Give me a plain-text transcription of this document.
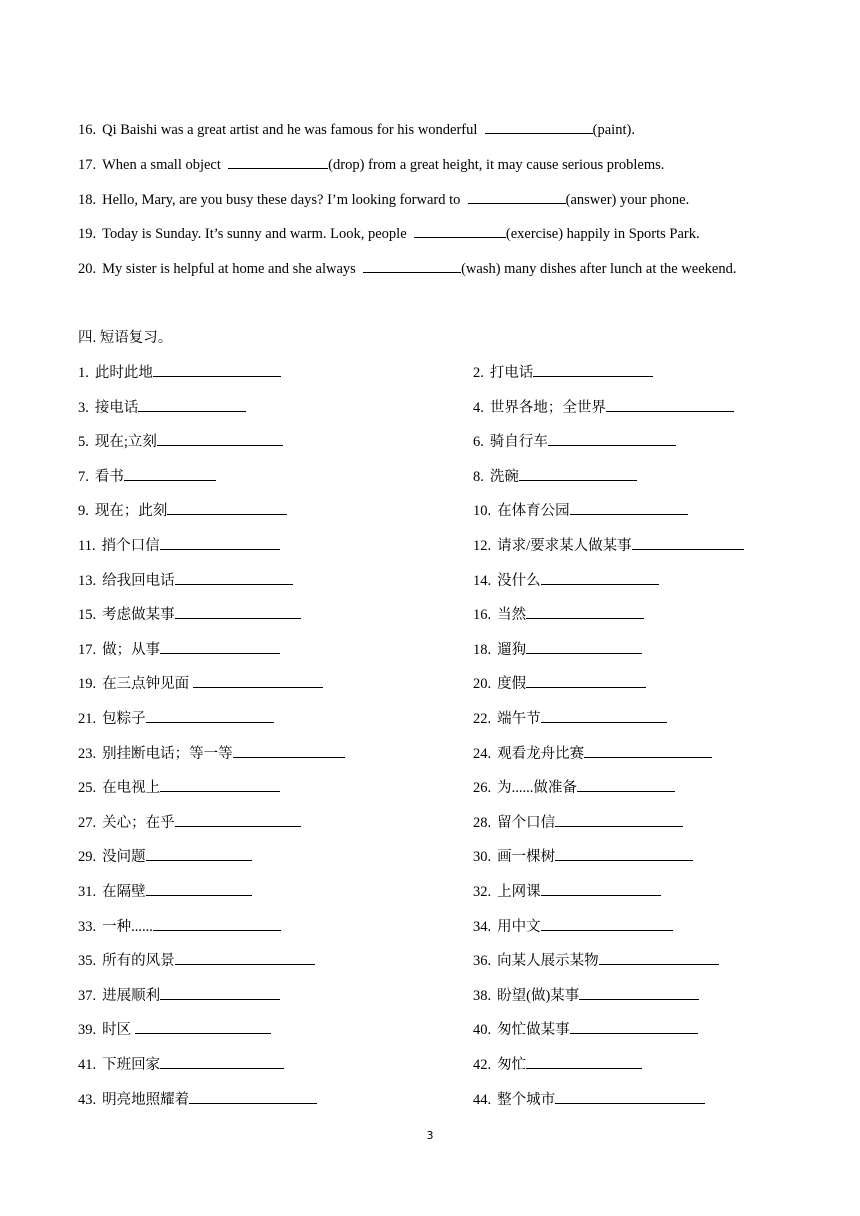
16. Qi Baishi was a great artist and he was famous for his wonderful	(paint).
17. When a small object	(drop) from a great height, it may cause serious problems.
18. Hello, Mary, are you busy these days? I’m looking forward to	(answer) your phone.
19. Today is Sunday. It’s sunny and warm. Look, people	(exercise) happily in Sports Park.
20. My sister is helpful at home and she always	(wash) many dishes after lunch at the weekend.
四. 短语复习。
1. 此时此地	2. 打电话
3. 接电话	4. 世界各地；全世界
5. 现在;立刻	6. 骑自行车
7. 看书	8. 洗碗
9. 现在；此刻	10. 在体育公园
11. 捎个口信	12. 请求/要求某人做某事
13. 给我回电话	14. 没什么
15. 考虑做某事	16. 当然
17. 做；从事	18. 遛狗
19. 在三点钟见面	20. 度假
21. 包粽子	22. 端午节
23. 别挂断电话；等一等	24. 观看龙舟比赛
25. 在电视上	26. 为......做准备
27. 关心；在乎	28. 留个口信
29. 没问题	30. 画一棵树
31. 在隔壁	32. 上网课
33. 一种......	34. 用中文
35. 所有的风景	36. 向某人展示某物
37. 进展顺利	38. 盼望(做)某事
39. 时区	40. 匆忙做某事
41. 下班回家	42. 匆忙
43. 明亮地照耀着	44. 整个城市
3
